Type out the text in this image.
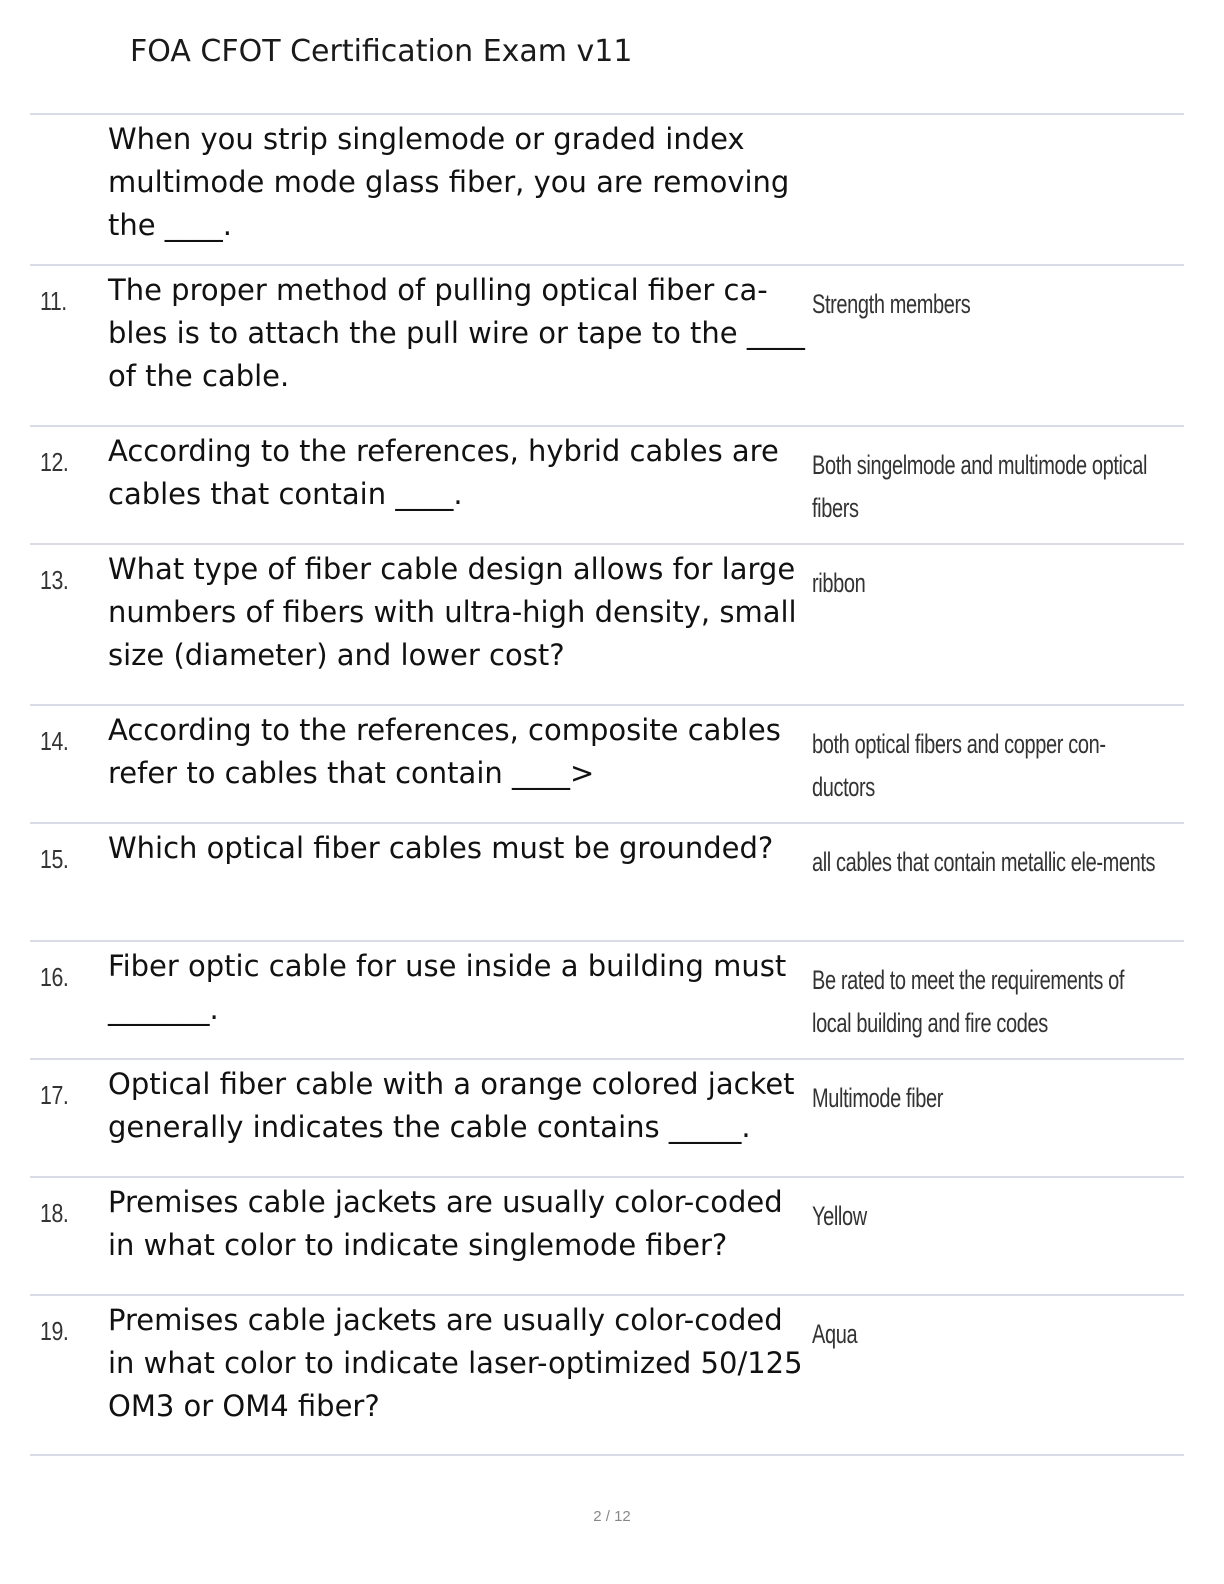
FOA CFOT Certification Exam v11
When you strip singlemode or graded index multimode mode glass fiber, you are removing the ____.
11. The proper method of pulling optical fiber ca-bles is to attach the pull wire or tape to the ____ of the cable.
Strength members
12. According to the references, hybrid cables are cables that contain ____.
Both singelmode and multimode optical fibers
13. What type of fiber cable design allows for large numbers of fibers with ultra-high density, small size (diameter) and lower cost?
ribbon
14. According to the references, composite cables refer to cables that contain ____>
both optical fibers and copper con-ductors
15. Which optical fiber cables must be grounded?	all cables that contain metallic ele-ments
16. Fiber optic cable for use inside a building must _______.
Be rated to meet the requirements of local building and fire codes
17. Optical fiber cable with a orange colored jacket generally indicates the cable contains _____.
Multimode fiber
18. Premises cable jackets are usually color-coded in what color to indicate singlemode fiber?
Yellow
19. Premises cable jackets are usually color-coded in what color to indicate laser-optimized 50/125 OM3 or OM4 fiber?
Aqua
2 / 12
